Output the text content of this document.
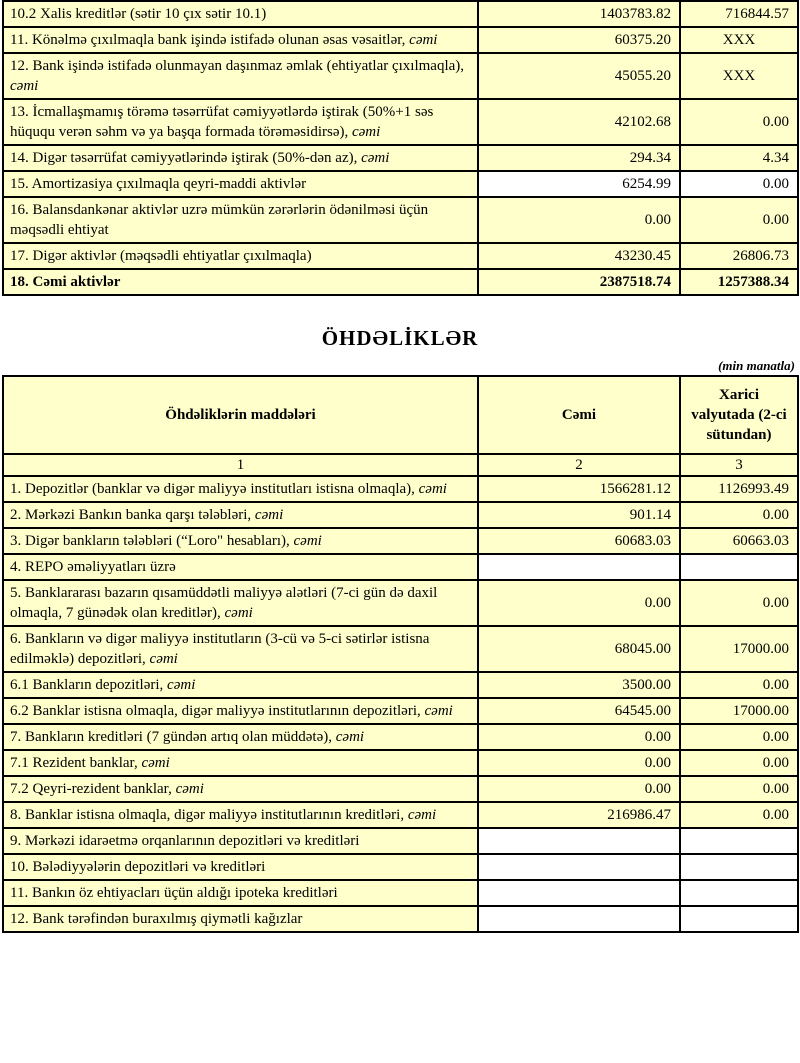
10.2 Xalis kreditlər (sətir 10 çıx sətir 10.1)	1403783.82	716844.57
11. Könəlmə çıxılmaqla bank işində istifadə olunan əsas vəsaitlər, cəmi	60375.20	XXX
12. Bank işində istifadə olunmayan daşınmaz əmlak (ehtiyatlar çıxılmaqla), cəmi	45055.20	XXX
13. İcmallaşmamış törəmə təsərrüfat cəmiyyətlərdə iştirak (50%+1 səs hüququ verən səhm və ya başqa formada törəməsidirsə), cəmi	42102.68	0.00
14. Digər təsərrüfat cəmiyyətlərində iştirak (50%-dən az), cəmi	294.34	4.34
15. Amortizasiya çıxılmaqla qeyri-maddi aktivlər	6254.99	0.00
16. Balansdankənar aktivlər uzrə mümkün zərərlərin ödənilməsi üçün məqsədli ehtiyat	0.00	0.00
17. Digər aktivlər (məqsədli ehtiyatlar çıxılmaqla)	43230.45	26806.73
18. Cəmi aktivlər	2387518.74	1257388.34
ÖHDƏLİKLƏR
(min manatla)
Öhdəliklərin maddələri	Cəmi	Xarici valyutada (2-ci sütundan)
1	2	3
1. Depozitlər (banklar və digər maliyyə institutları istisna olmaqla), cəmi	1566281.12	1126993.49
2. Mərkəzi Bankın banka qarşı tələbləri, cəmi	901.14	0.00
3. Digər bankların tələbləri (“Loro" hesabları), cəmi	60683.03	60663.03
4. REPO əməliyyatları üzrə		
5. Banklararası bazarın qısamüddətli maliyyə alətləri (7-ci gün də daxil olmaqla, 7 günədək olan kreditlər), cəmi	0.00	0.00
6. Bankların və digər maliyyə institutların (3-cü və 5-ci sətirlər istisna edilməklə) depozitləri, cəmi	68045.00	17000.00
6.1 Bankların depozitləri, cəmi	3500.00	0.00
6.2 Banklar istisna olmaqla, digər maliyyə institutlarının depozitləri, cəmi	64545.00	17000.00
7. Bankların kreditləri (7 gündən artıq olan müddətə), cəmi	0.00	0.00
7.1 Rezident banklar, cəmi	0.00	0.00
7.2 Qeyri-rezident banklar, cəmi	0.00	0.00
8. Banklar istisna olmaqla, digər maliyyə institutlarının kreditləri, cəmi	216986.47	0.00
9. Mərkəzi idarəetmə orqanlarının depozitləri və kreditləri		
10. Bələdiyyələrin depozitləri və kreditləri		
11. Bankın öz ehtiyacları üçün aldığı ipoteka kreditləri		
12. Bank tərəfindən buraxılmış qiymətli kağızlar		
